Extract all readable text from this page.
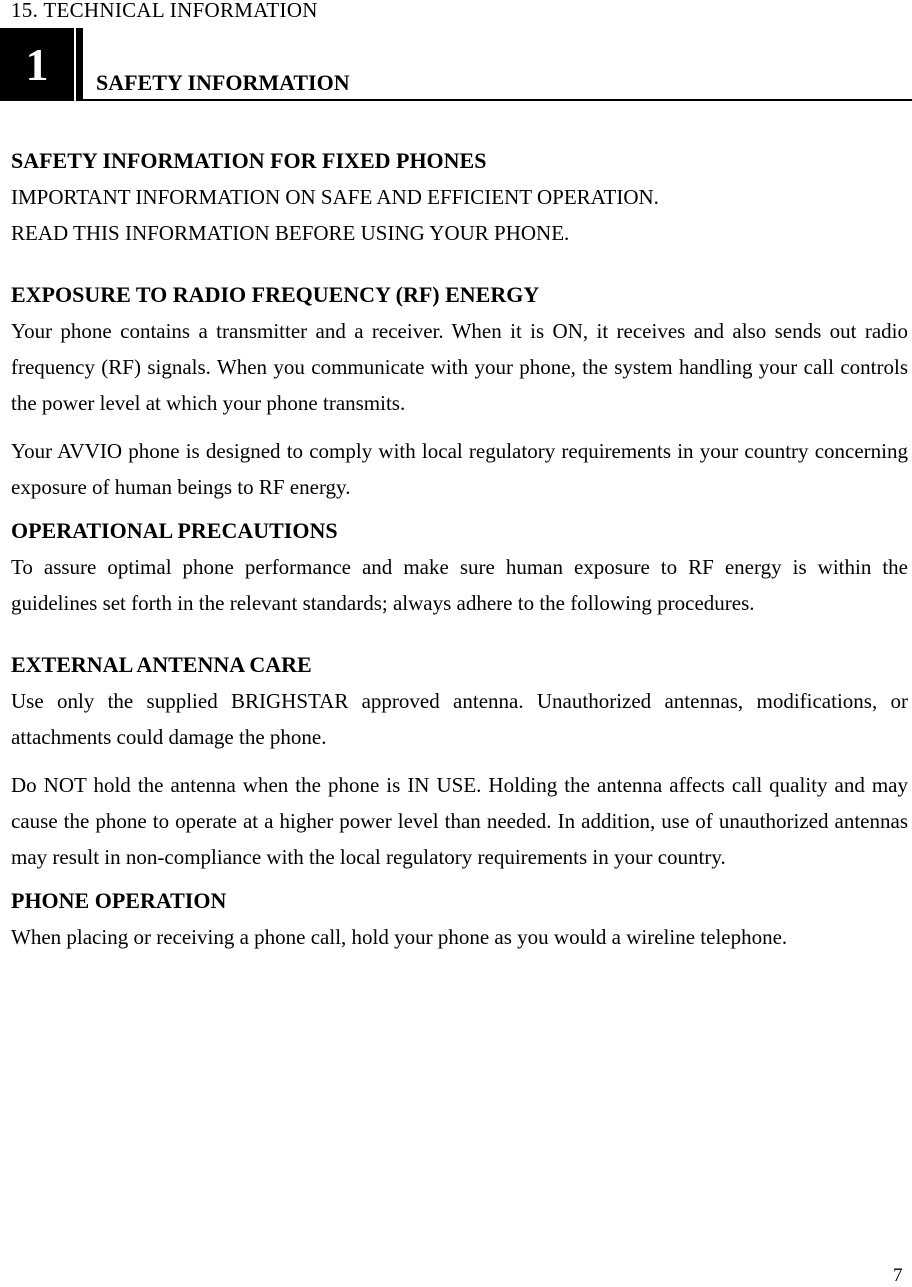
15. TECHNICAL INFORMATION
1	SAFETY INFORMATION

SAFETY INFORMATION FOR FIXED PHONES

IMPORTANT INFORMATION ON SAFE AND EFFICIENT OPERATION.

READ THIS INFORMATION BEFORE USING YOUR PHONE.

EXPOSURE TO RADIO FREQUENCY (RF) ENERGY

Your phone contains a transmitter and a receiver. When it is ON, it receives and also sends out radio frequency (RF) signals. When you communicate with your phone, the system handling your call controls the power level at which your phone transmits.

Your AVVIO phone is designed to comply with local regulatory requirements in your country concerning exposure of human beings to RF energy.

OPERATIONAL PRECAUTIONS

To assure optimal phone performance and make sure human exposure to RF energy is within the guidelines set forth in the relevant standards; always adhere to the following procedures.

EXTERNAL ANTENNA CARE

Use only the supplied BRIGHSTAR approved antenna. Unauthorized antennas, modifications, or attachments could damage the phone.

Do NOT hold the antenna when the phone is IN USE. Holding the antenna affects call quality and may cause the phone to operate at a higher power level than needed. In addition, use of unauthorized antennas may result in non-compliance with the local regulatory requirements in your country.

PHONE OPERATION

When placing or receiving a phone call, hold your phone as you would a wireline telephone.

7
